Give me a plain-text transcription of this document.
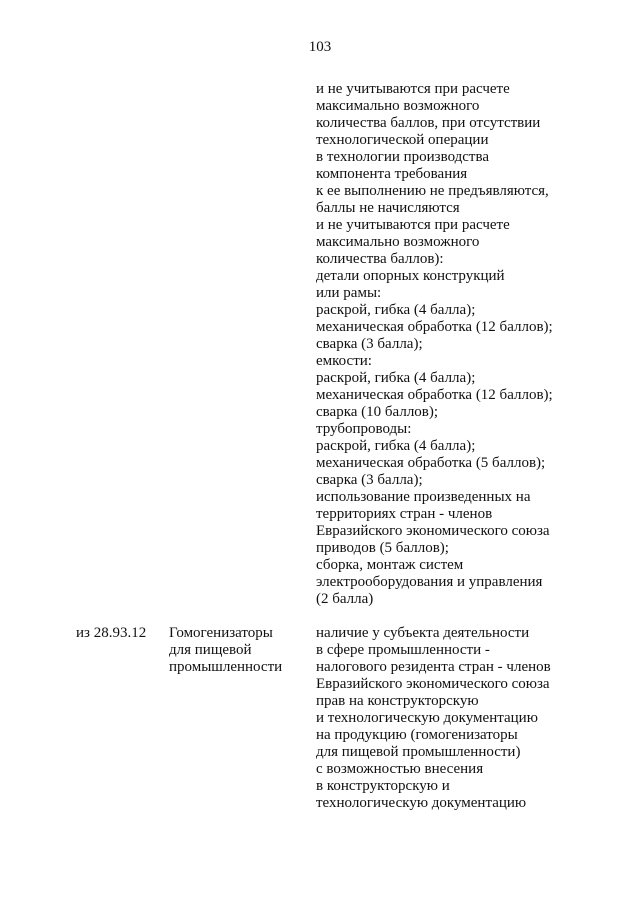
103
и не учитываются при расчете
максимально возможного
количества баллов, при отсутствии
технологической операции
в технологии производства
компонента требования
к ее выполнению не предъявляются,
баллы не начисляются
и не учитываются при расчете
максимально возможного
количества баллов):
детали опорных конструкций
или рамы:
раскрой, гибка (4 балла);
механическая обработка (12 баллов);
сварка (3 балла);
емкости:
раскрой, гибка (4 балла);
механическая обработка (12 баллов);
сварка (10 баллов);
трубопроводы:
раскрой, гибка (4 балла);
механическая обработка (5 баллов);
сварка (3 балла);
использование произведенных на
территориях стран - членов
Евразийского экономического союза
приводов (5 баллов);
сборка, монтаж систем
электрооборудования и управления
(2 балла)
из 28.93.12 Гомогенизаторы
для пищевой
промышленности
наличие у субъекта деятельности
в сфере промышленности -
налогового резидента стран - членов
Евразийского экономического союза
прав на конструкторскую
и технологическую документацию
на продукцию (гомогенизаторы
для пищевой промышленности)
с возможностью внесения
в конструкторскую и
технологическую документацию
